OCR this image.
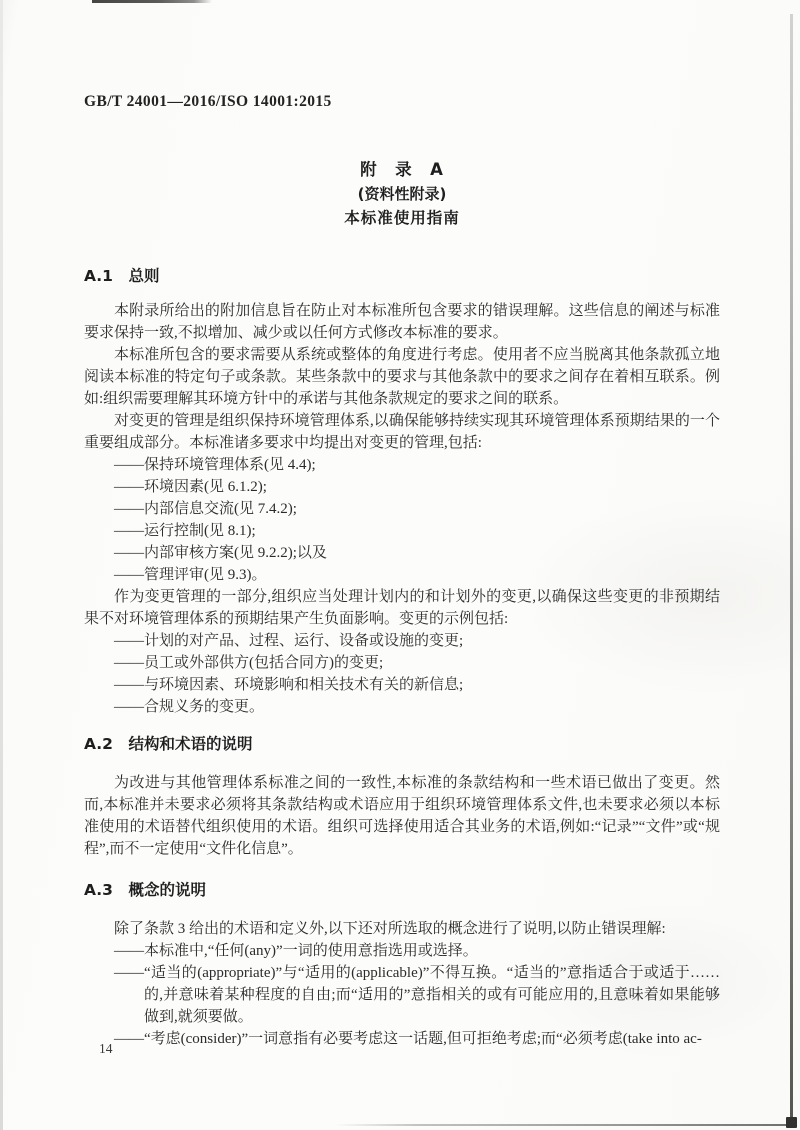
GB/T 24001—2016/ISO 14001:2015
附　录　A
(资料性附录)
本标准使用指南
A.1　总则

本附录所给出的附加信息旨在防止对本标准所包含要求的错误理解。这些信息的阐述与标准要求保持一致,不拟增加、减少或以任何方式修改本标准的要求。

本标准所包含的要求需要从系统或整体的角度进行考虑。使用者不应当脱离其他条款孤立地阅读本标准的特定句子或条款。某些条款中的要求与其他条款中的要求之间存在着相互联系。例如:组织需要理解其环境方针中的承诺与其他条款规定的要求之间的联系。

对变更的管理是组织保持环境管理体系,以确保能够持续实现其环境管理体系预期结果的一个重要组成部分。本标准诸多要求中均提出对变更的管理,包括:

——保持环境管理体系(见 4.4);

——环境因素(见 6.1.2);

——内部信息交流(见 7.4.2);

——运行控制(见 8.1);

——内部审核方案(见 9.2.2);以及

——管理评审(见 9.3)。

作为变更管理的一部分,组织应当处理计划内的和计划外的变更,以确保这些变更的非预期结果不对环境管理体系的预期结果产生负面影响。变更的示例包括:

——计划的对产品、过程、运行、设备或设施的变更;

——员工或外部供方(包括合同方)的变更;

——与环境因素、环境影响和相关技术有关的新信息;

——合规义务的变更。

A.2　结构和术语的说明

为改进与其他管理体系标准之间的一致性,本标准的条款结构和一些术语已做出了变更。然而,本标准并未要求必须将其条款结构或术语应用于组织环境管理体系文件,也未要求必须以本标准使用的术语替代组织使用的术语。组织可选择使用适合其业务的术语,例如:“记录”“文件”或“规程”,而不一定使用“文件化信息”。

A.3　概念的说明

除了条款 3 给出的术语和定义外,以下还对所选取的概念进行了说明,以防止错误理解:

——本标准中,“任何(any)”一词的使用意指选用或选择。

——“适当的(appropriate)”与“适用的(applicable)”不得互换。“适当的”意指适合于或适于……的,并意味着某种程度的自由;而“适用的”意指相关的或有可能应用的,且意味着如果能够做到,就须要做。

——“考虑(consider)”一词意指有必要考虑这一话题,但可拒绝考虑;而“必须考虑(take into ac-

14
